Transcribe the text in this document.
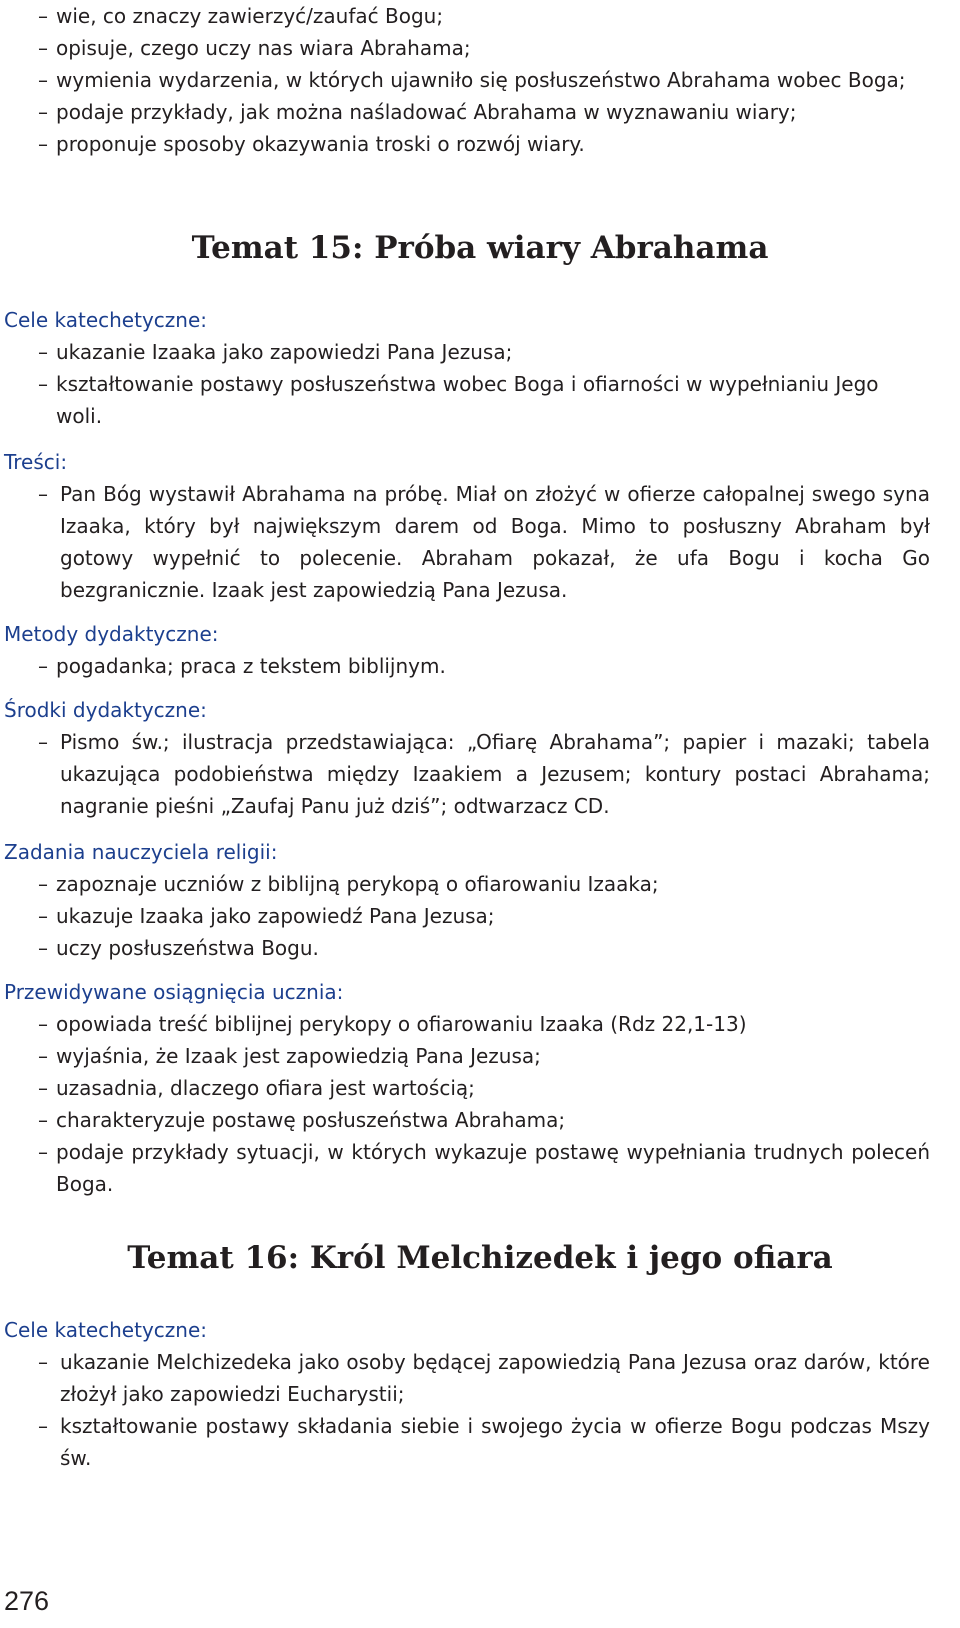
– wie, co znaczy zawierzyć/zaufać Bogu;
– opisuje, czego uczy nas wiara Abrahama;
– wymienia wydarzenia, w których ujawniło się posłuszeństwo Abrahama wobec Boga;
– podaje przykłady, jak można naśladować Abrahama w wyznawaniu wiary;
– proponuje sposoby okazywania troski o rozwój wiary.
Temat 15: Próba wiary Abrahama
Cele katechetyczne:
– ukazanie Izaaka jako zapowiedzi Pana Jezusa;
– kształtowanie postawy posłuszeństwa wobec Boga i ofiarności w wypełnianiu Jego woli.
Treści:
– Pan Bóg wystawił Abrahama na próbę. Miał on złożyć w ofierze całopalnej swego syna Izaaka, który był największym darem od Boga. Mimo to posłuszny Abraham był gotowy wypełnić to polecenie. Abraham pokazał, że ufa Bogu i kocha Go bezgranicznie. Izaak jest zapowiedzią Pana Jezusa.
Metody dydaktyczne:
– pogadanka; praca z tekstem biblijnym.
Środki dydaktyczne:
– Pismo św.; ilustracja przedstawiająca: „Ofiarę Abrahama”; papier i mazaki; tabela ukazująca podobieństwa między Izaakiem a Jezusem; kontury postaci Abrahama; nagranie pieśni „Zaufaj Panu już dziś”; odtwarzacz CD.
Zadania nauczyciela religii:
– zapoznaje uczniów z biblijną perykopą o ofiarowaniu Izaaka;
– ukazuje Izaaka jako zapowiedź Pana Jezusa;
– uczy posłuszeństwa Bogu.
Przewidywane osiągnięcia ucznia:
– opowiada treść biblijnej perykopy o ofiarowaniu Izaaka (Rdz 22,1-13)
– wyjaśnia, że Izaak jest zapowiedzią Pana Jezusa;
– uzasadnia, dlaczego ofiara jest wartością;
– charakteryzuje postawę posłuszeństwa Abrahama;
– podaje przykłady sytuacji, w których wykazuje postawę wypełniania trudnych poleceń Boga.
Temat 16: Król Melchizedek i jego ofiara
Cele katechetyczne:
– ukazanie Melchizedeka jako osoby będącej zapowiedzią Pana Jezusa oraz darów, które złożył jako zapowiedzi Eucharystii;
– kształtowanie postawy składania siebie i swojego życia w ofierze Bogu podczas Mszy św.
276
